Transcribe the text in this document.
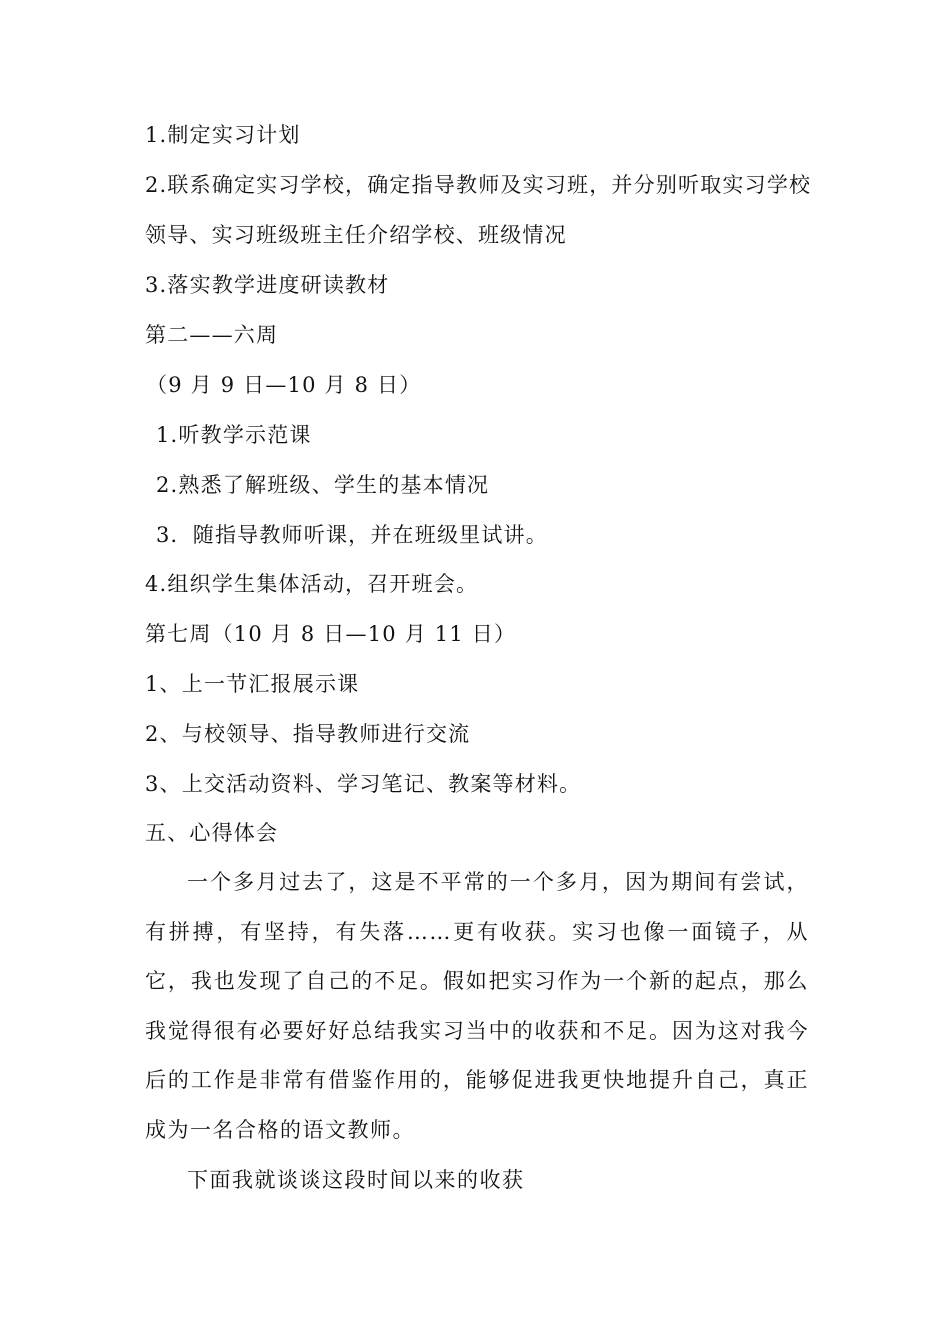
1.制定实习计划
2.联系确定实习学校，确定指导教师及实习班，并分别听取实习学校
领导、实习班级班主任介绍学校、班级情况
3.落实教学进度研读教材
第二——六周
（9 月 9 日—10 月 8 日）
1.听教学示范课
2.熟悉了解班级、学生的基本情况
3．随指导教师听课，并在班级里试讲。
4.组织学生集体活动，召开班会。
第七周（10 月 8 日—10 月 11 日）
1、上一节汇报展示课
2、与校领导、指导教师进行交流
3、上交活动资料、学习笔记、教案等材料。
五、心得体会
一个多月过去了，这是不平常的一个多月，因为期间有尝试，有拼搏，有坚持，有失落……更有收获。实习也像一面镜子，从它，我也发现了自己的不足。假如把实习作为一个新的起点，那么我觉得很有必要好好总结我实习当中的收获和不足。因为这对我今后的工作是非常有借鉴作用的，能够促进我更快地提升自己，真正成为一名合格的语文教师。
下面我就谈谈这段时间以来的收获
